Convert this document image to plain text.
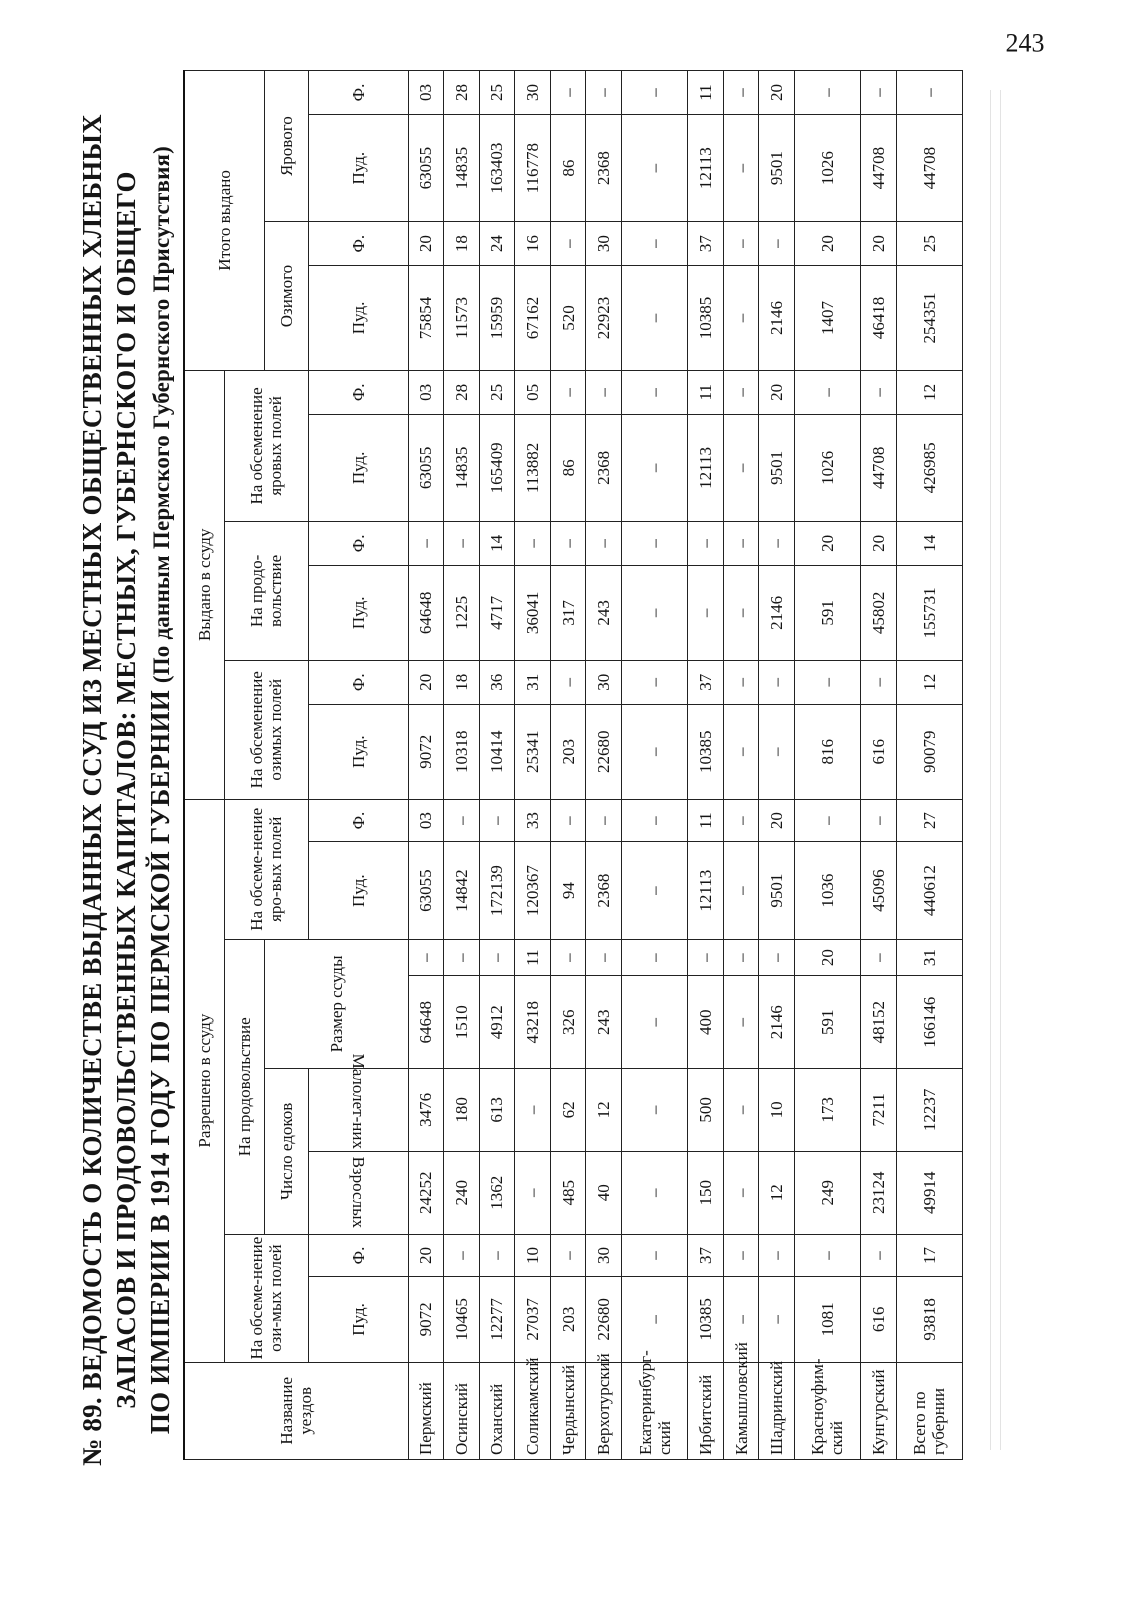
№ 89. ВЕДОМОСТЬ О КОЛИЧЕСТВЕ ВЫДАННЫХ ССУД ИЗ МЕСТНЫХ ОБЩЕСТВЕННЫХ ХЛЕБНЫХ ЗАПАСОВ И ПРОДОВОЛЬСТВЕННЫХ КАПИТАЛОВ: МЕСТНЫХ, ГУБЕРНСКОГО И ОБЩЕГО ПО ИМПЕРИИ В 1914 ГОДУ ПО ПЕРМСКОЙ ГУБЕРНИИ (По данным Пермского Губернского Присутствия)
Название уездов	Разрешено в ссуду								Выдано в ссуду						Итого выдано			
	На обсеме-нение ози-мых полей		На продовольствие				На обсеме-нение яро-вых полей		На обсеменение озимых полей		На продо-вольствие		На обсеменение яровых полей					
			Число едоков		Размер ссуды										Озимого		Ярового	
	Пуд.	Ф.	Взрослых	Малолет-них			Пуд.	Ф.	Пуд.	Ф.	Пуд.	Ф.	Пуд.	Ф.	Пуд.	Ф.	Пуд.	Ф.
Пермский	9072	20	24252	3476	64648	–	63055	03	9072	20	64648	–	63055	03	75854	20	63055	03
Осинский	10465	–	240	180	1510	–	14842	–	10318	18	1225	–	14835	28	11573	18	14835	28
Оханский	12277	–	1362	613	4912	–	172139	–	10414	36	4717	14	165409	25	15959	24	163403	25
Соликамский	27037	10	–	–	43218	11	120367	33	25341	31	36041	–	113882	05	67162	16	116778	30
Чердынский	203	–	485	62	326	–	94	–	203	–	317	–	86	–	520	–	86	–
Верхотурский	22680	30	40	12	243	–	2368	–	22680	30	243	–	2368	–	22923	30	2368	–
Екатеринбург-ский	–	–	–	–	–	–	–	–	–	–	–	–	–	–	–	–	–	–
Ирбитский	10385	37	150	500	400	–	12113	11	10385	37	–	–	12113	11	10385	37	12113	11
Камышловский	–	–	–	–	–	–	–	–	–	–	–	–	–	–	–	–	–	–
Шадринский	–	–	12	10	2146	–	9501	20	–	–	2146	–	9501	20	2146	–	9501	20
Красноуфим-ский	1081	–	249	173	591	20	1036	–	816	–	591	20	1026	–	1407	20	1026	–
Кунгурский	616	–	23124	7211	48152	–	45096	–	616	–	45802	20	44708	–	46418	20	44708	–
Всего по губернии	93818	17	49914	12237	166146	31	440612	27	90079	12	155731	14	426985	12	254351	25	44708	–
243
